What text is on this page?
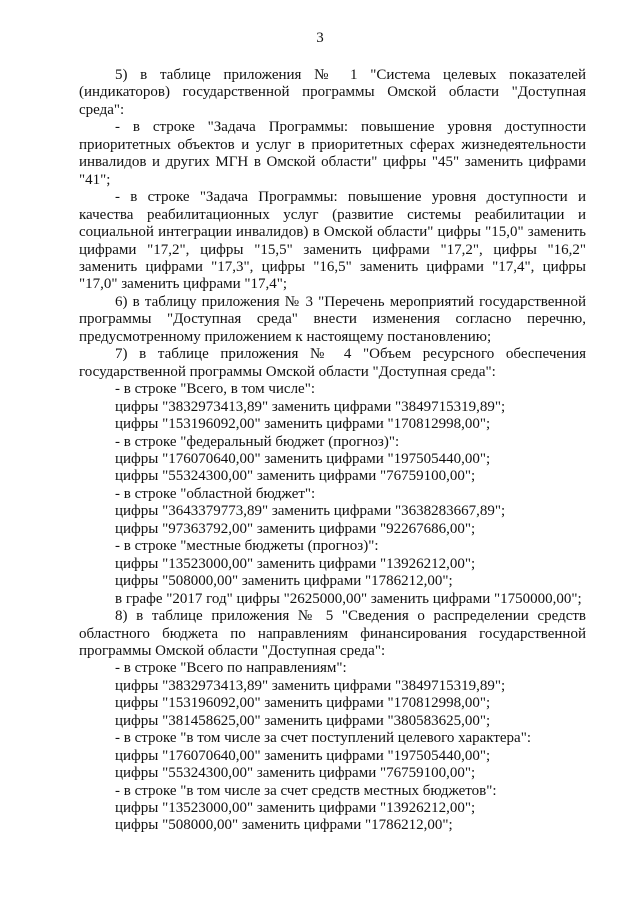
3

5) в таблице приложения № 1 "Система целевых показателей (индикаторов) государственной программы Омской области "Доступная среда":

- в строке "Задача Программы: повышение уровня доступности приоритетных объектов и услуг в приоритетных сферах жизнедеятельности инвалидов и других МГН в Омской области" цифры "45" заменить цифрами "41";

- в строке "Задача Программы: повышение уровня доступности и качества реабилитационных услуг (развитие системы реабилитации и социальной интеграции инвалидов) в Омской области" цифры "15,0" заменить цифрами "17,2", цифры "15,5" заменить цифрами "17,2", цифры "16,2" заменить цифрами "17,3", цифры "16,5" заменить цифрами "17,4", цифры "17,0" заменить цифрами "17,4";

6) в таблицу приложения № 3 "Перечень мероприятий государственной программы "Доступная среда" внести изменения согласно перечню, предусмотренному приложением к настоящему постановлению;

7) в таблице приложения № 4 "Объем ресурсного обеспечения государственной программы Омской области "Доступная среда":

- в строке "Всего, в том числе":

цифры "3832973413,89" заменить цифрами "3849715319,89";

цифры "153196092,00" заменить цифрами "170812998,00";

- в строке "федеральный бюджет (прогноз)":

цифры "176070640,00" заменить цифрами "197505440,00";

цифры "55324300,00" заменить цифрами "76759100,00";

- в строке "областной бюджет":

цифры "3643379773,89" заменить цифрами "3638283667,89";

цифры "97363792,00" заменить цифрами "92267686,00";

- в строке "местные бюджеты (прогноз)":

цифры "13523000,00" заменить цифрами "13926212,00";

цифры "508000,00" заменить цифрами "1786212,00";

в графе "2017 год" цифры "2625000,00" заменить цифрами "1750000,00";

8) в таблице приложения № 5 "Сведения о распределении средств областного бюджета по направлениям финансирования государственной программы Омской области "Доступная среда":

- в строке "Всего по направлениям":

цифры "3832973413,89" заменить цифрами "3849715319,89";

цифры "153196092,00" заменить цифрами "170812998,00";

цифры "381458625,00" заменить цифрами "380583625,00";

- в строке "в том числе за счет поступлений целевого характера":

цифры "176070640,00" заменить цифрами "197505440,00";

цифры "55324300,00" заменить цифрами "76759100,00";

- в строке "в том числе за счет средств местных бюджетов":

цифры "13523000,00" заменить цифрами "13926212,00";

цифры "508000,00" заменить цифрами "1786212,00";
